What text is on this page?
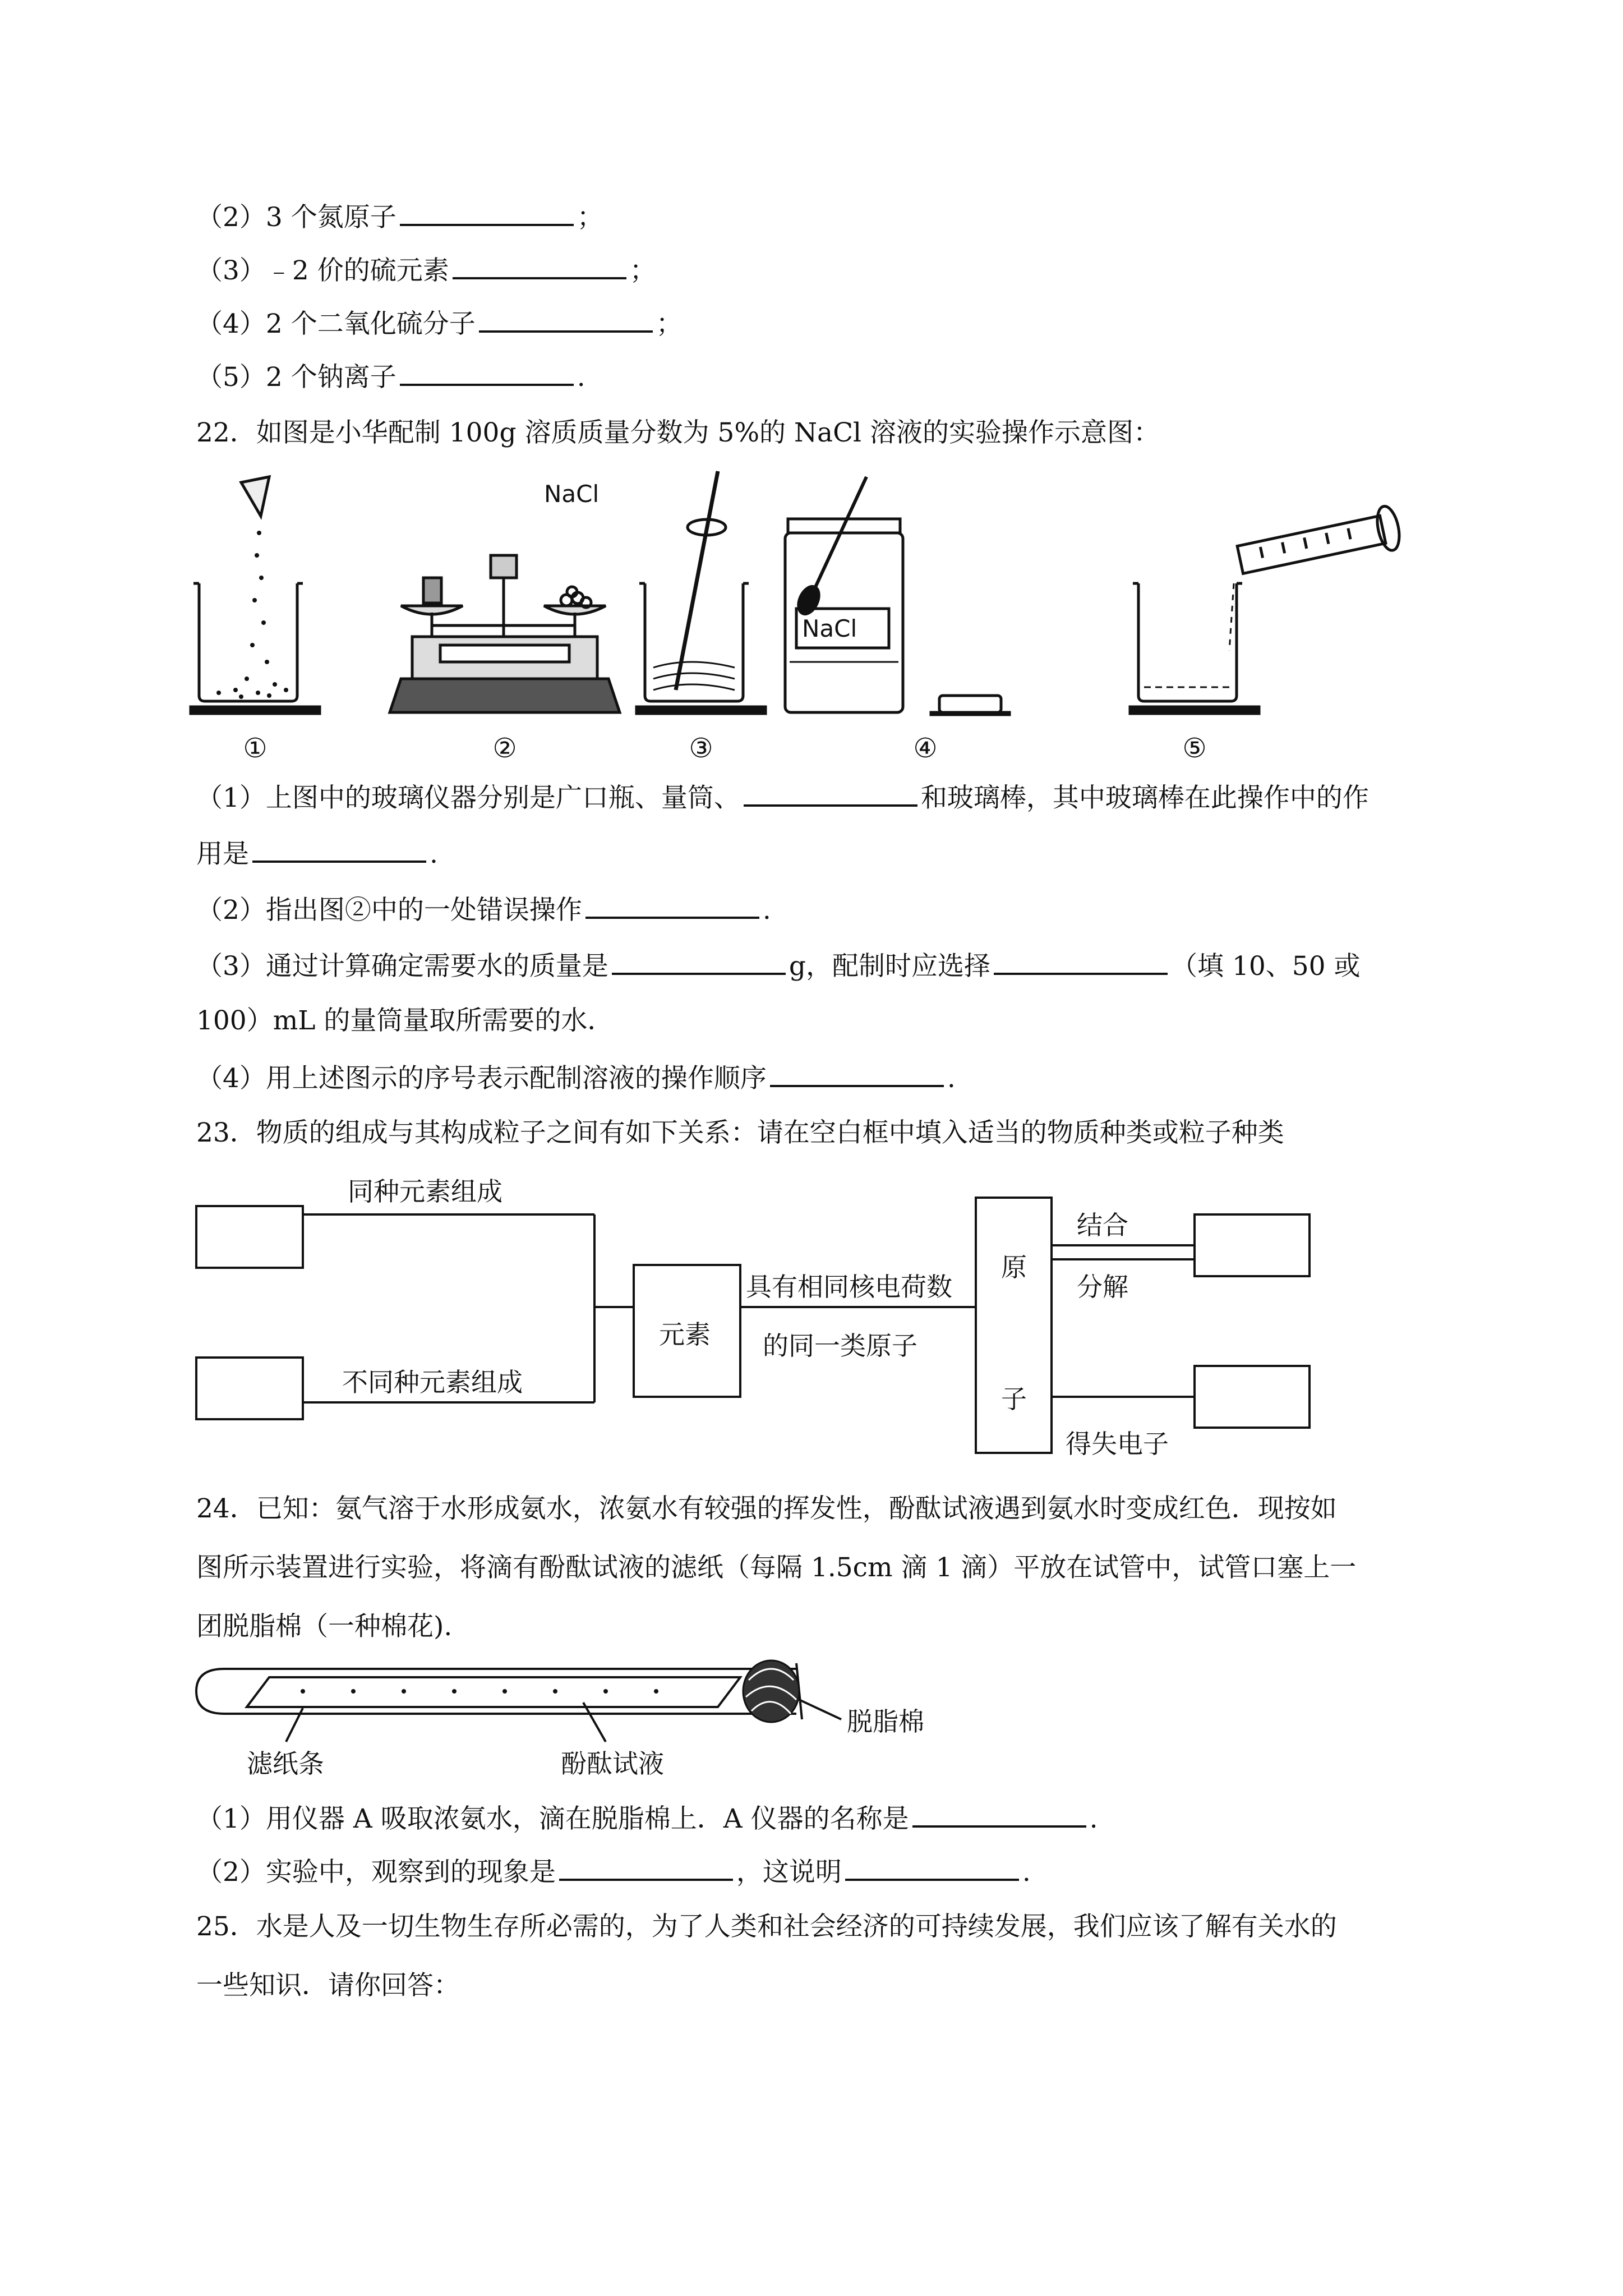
（2）3 个氮原子	；
（3）﹣2 价的硫元素	；
（4）2 个二氧化硫分子	；
（5）2 个钠离子	.
22．如图是小华配制 100g 溶质质量分数为 5%的 NaCl 溶液的实验操作示意图：
NaCl
NaCl
①	②	③	④	⑤
（1）上图中的玻璃仪器分别是广口瓶、量筒、	和玻璃棒，其中玻璃棒在此操作中的作
用是	.
（2）指出图②中的一处错误操作	.
（3）通过计算确定需要水的质量是	g，配制时应选择	（填 10、50 或
100）mL 的量筒量取所需要的水．
（4）用上述图示的序号表示配制溶液的操作顺序	.
23．物质的组成与其构成粒子之间有如下关系：请在空白框中填入适当的物质种类或粒子种类
同种元素组成
不同种元素组成
元素
具有相同核电荷数
的同一类原子
原
子
结合
分解
得失电子
24．已知：氨气溶于水形成氨水，浓氨水有较强的挥发性，酚酞试液遇到氨水时变成红色．现按如
图所示装置进行实验，将滴有酚酞试液的滤纸（每隔 1.5cm 滴 1 滴）平放在试管中，试管口塞上一
团脱脂棉（一种棉花).
脱脂棉
滤纸条	酚酞试液
（1）用仪器 A 吸取浓氨水，滴在脱脂棉上．A 仪器的名称是	.
（2）实验中，观察到的现象是	，这说明	.
25．水是人及一切生物生存所必需的，为了人类和社会经济的可持续发展，我们应该了解有关水的
一些知识．请你回答：
